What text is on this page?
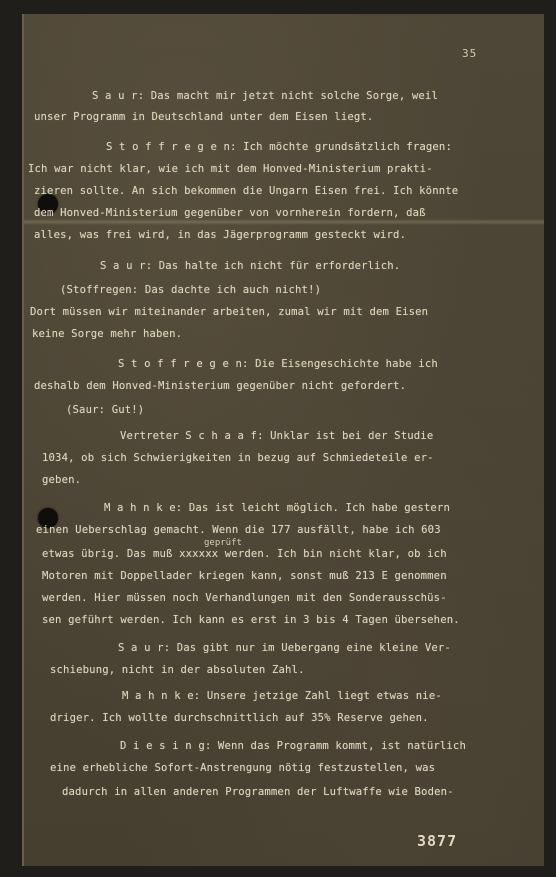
35
S a u r: Das macht mir jetzt nicht solche Sorge, weil
unser Programm in Deutschland unter dem Eisen liegt.
S t o f f r e g e n: Ich möchte grundsätzlich fragen:
Ich war nicht klar, wie ich mit dem Honved-Ministerium prakti-
zieren sollte. An sich bekommen die Ungarn Eisen frei. Ich könnte
dem Honved-Ministerium gegenüber von vornherein fordern, daß
alles, was frei wird, in das Jägerprogramm gesteckt wird.
S a u r: Das halte ich nicht für erforderlich.
(Stoffregen: Das dachte ich auch nicht!)
Dort müssen wir miteinander arbeiten, zumal wir mit dem Eisen
keine Sorge mehr haben.
S t o f f r e g e n: Die Eisengeschichte habe ich
deshalb dem Honved-Ministerium gegenüber nicht gefordert.
(Saur: Gut!)
Vertreter S c h a a f: Unklar ist bei der Studie
1034, ob sich Schwierigkeiten in bezug auf Schmiedeteile er-
geben.
M a h n k e: Das ist leicht möglich. Ich habe gestern
einen Ueberschlag gemacht. Wenn die 177 ausfällt, habe ich 603
geprüft
etwas übrig. Das muß xxxxxx werden. Ich bin nicht klar, ob ich
Motoren mit Doppellader kriegen kann, sonst muß 213 E genommen
werden. Hier müssen noch Verhandlungen mit den Sonderausschüs-
sen geführt werden. Ich kann es erst in 3 bis 4 Tagen übersehen.
S a u r: Das gibt nur im Uebergang eine kleine Ver-
schiebung, nicht in der absoluten Zahl.
M a h n k e: Unsere jetzige Zahl liegt etwas nie-
driger. Ich wollte durchschnittlich auf 35% Reserve gehen.
D i e s i n g: Wenn das Programm kommt, ist natürlich
eine erhebliche Sofort-Anstrengung nötig festzustellen, was
dadurch in allen anderen Programmen der Luftwaffe wie Boden-
3877
